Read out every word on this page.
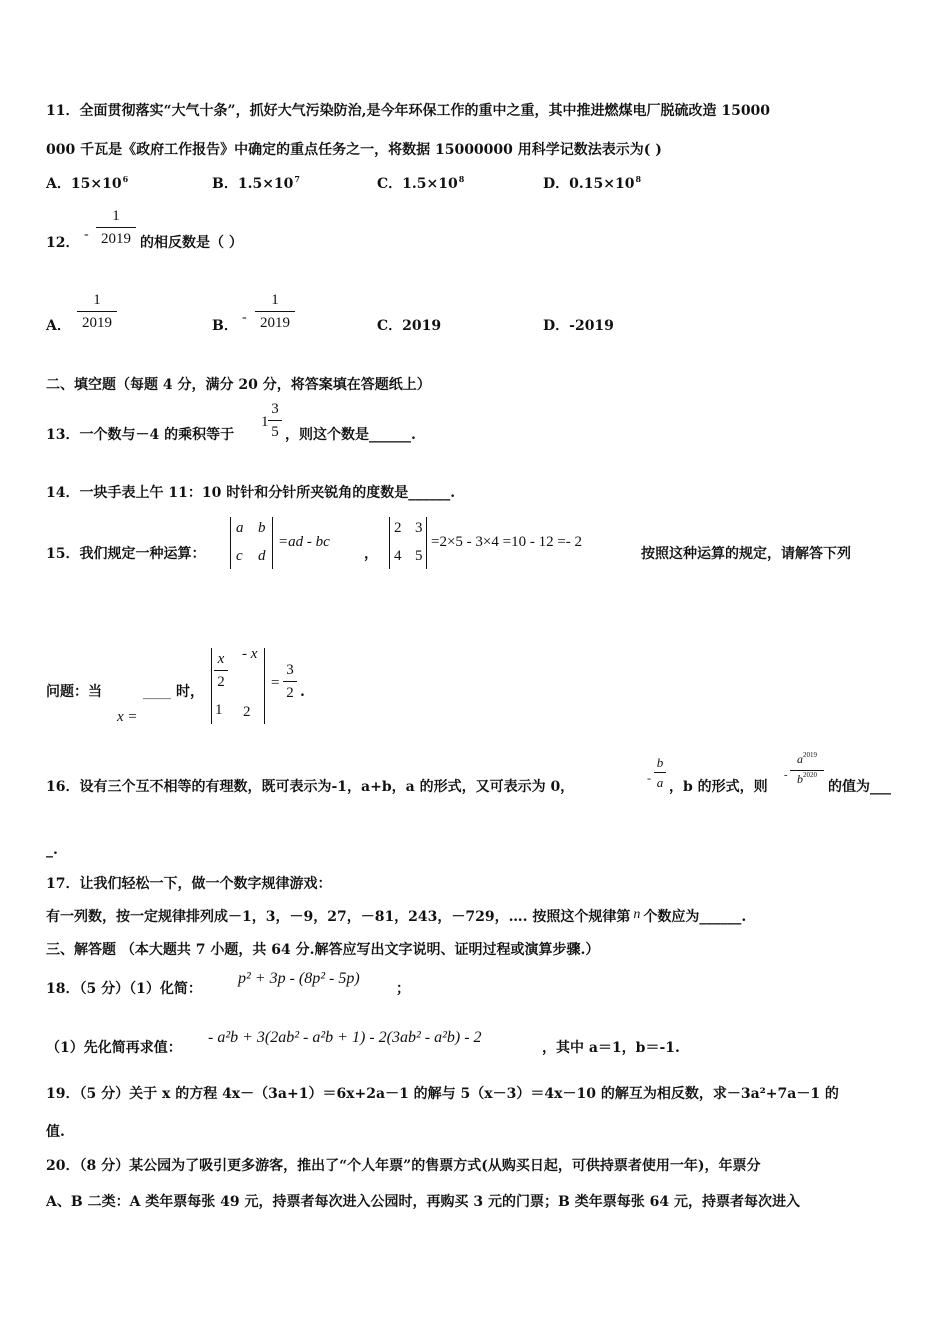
11．全面贯彻落实“大气十条”，抓好大气污染防治,是今年环保工作的重中之重，其中推进燃煤电厂脱硫改造 15000
000 千瓦是《政府工作报告》中确定的重点任务之一，将数据 15000000 用科学记数法表示为( )
A．$15\times 10^6$	B．$1.5\times 10^7$	C．$1.5\times 10^8$	D．$0.15\times 10^8$
12．
-
1
2019 的相反数是（ ）
A．
1
2019	B．
-
1
2019	C．2019	D．-2019
二、填空题（每题 4 分，满分 20 分，将答案填在答题纸上）
13．一个数与－4 的乘积等于
1
3
5 ，则这个数是______.
14．一块手表上午 11：10 时针和分针所夹锐角的度数是______.
15．我们规定一种运算：
a b
c d
=ad - bc
，
2 3
4 5
=2×5 - 3×4 =10 - 12 =- 2
按照这种运算的规定，请解答下列
问题：当	____ 时，
x =
x
2
- x
1 2
=
3
2 .
16．设有三个互不相等的有理数，既可表示为-1，a+b，a 的形式，又可表示为 0，
-
b
a ，b 的形式，则
-
$a^{2019}$
$b^{2020}$
的值为___
_.
17．让我们轻松一下，做一个数字规律游戏：
有一列数，按一定规律排列成－1，3，－9，27，－81，243，－729，…. 按照这个规律第 n 个数应为______.
三、解答题 （本大题共 7 小题，共 64 分.解答应写出文字说明、证明过程或演算步骤.）
18．（5 分）（1）化简：
p² + 3p - (8p² - 5p)
；
（1）先化简再求值：
- a²b + 3(2ab² - a²b + 1) - 2(3ab² - a²b) - 2
，其中 a＝1，b＝-1.
19．（5 分）关于 x 的方程 4x－（3a+1）＝6x+2a－1 的解与 5（x－3）＝4x－10 的解互为相反数，求－3a²+7a－1 的
值.
20．（8 分）某公园为了吸引更多游客，推出了“个人年票”的售票方式(从购买日起，可供持票者使用一年)，年票分
A、B 二类：A 类年票每张 49 元，持票者每次进入公园时，再购买 3 元的门票；B 类年票每张 64 元，持票者每次进入
